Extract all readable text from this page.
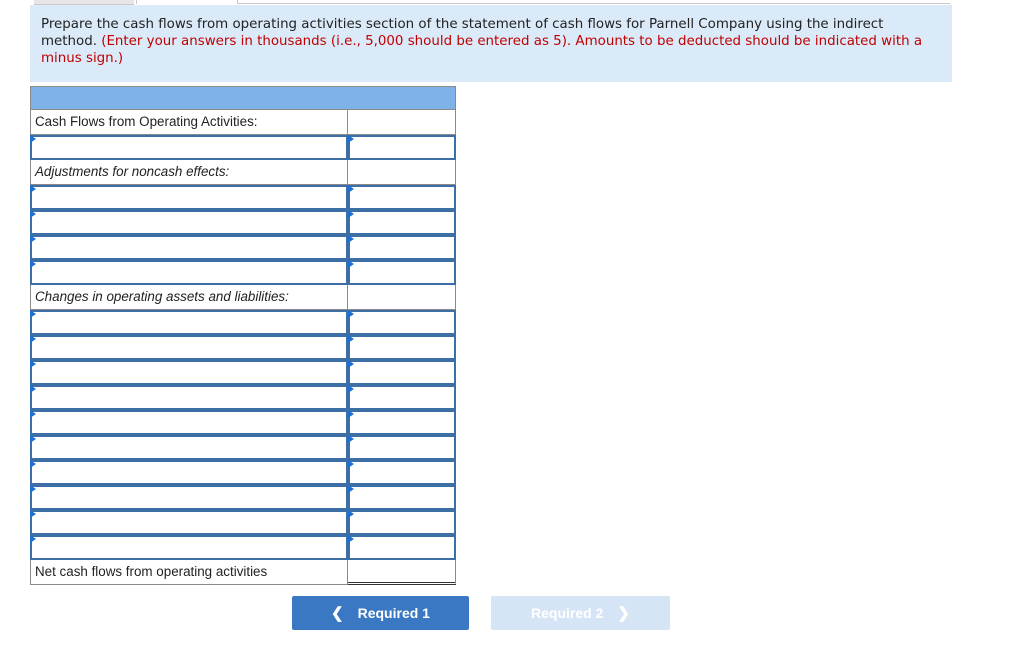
Prepare the cash flows from operating activities section of the statement of cash flows for Parnell Company using the indirect method. (Enter your answers in thousands (i.e., 5,000 should be entered as 5). Amounts to be deducted should be indicated with a minus sign.)
Cash Flows from Operating Activities:
Adjustments for noncash effects:
Changes in operating assets and liabilities:
Net cash flows from operating activities
❮ Required 1	Required 2 ❯
